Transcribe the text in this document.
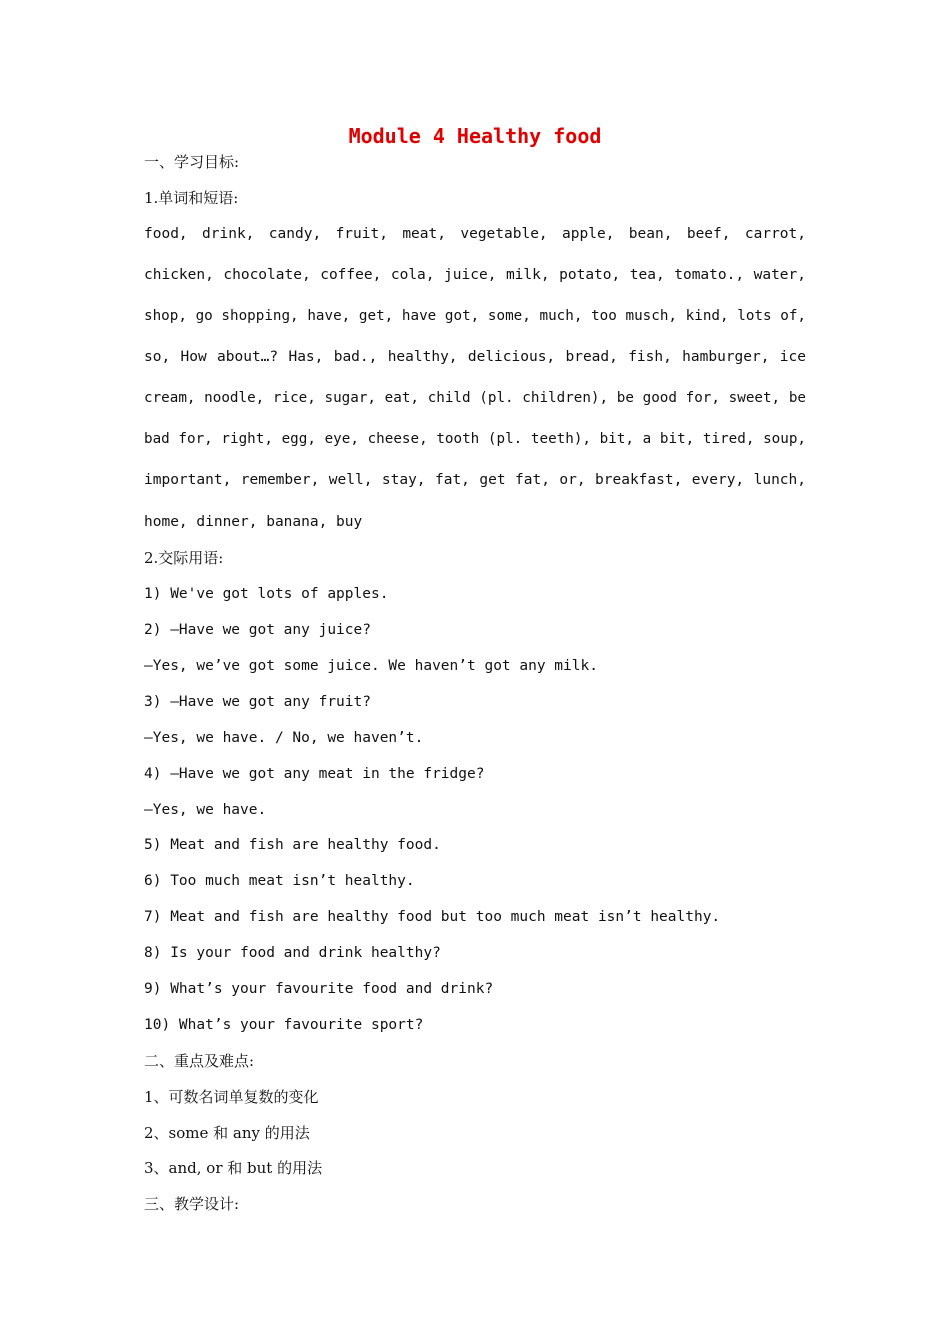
Module 4 Healthy food
一、学习目标:
1.单词和短语:
food, drink, candy, fruit, meat, vegetable, apple, bean, beef, carrot,
chicken, chocolate, coffee, cola, juice, milk, potato, tea, tomato., water,
shop, go shopping, have, get, have got, some, much, too musch, kind, lots of,
so, How about…? Has, bad., healthy, delicious, bread, fish, hamburger, ice
cream, noodle, rice, sugar, eat, child (pl. children), be good for, sweet, be
bad for, right, egg, eye, cheese, tooth (pl. teeth), bit, a bit, tired, soup,
important, remember, well, stay, fat, get fat, or, breakfast, every, lunch,
home, dinner, banana, buy
2.交际用语:
1) We've got lots of apples.
2) —Have we got any juice?
—Yes, we’ve got some juice. We haven’t got any milk.
3) —Have we got any fruit?
—Yes, we have. / No, we haven’t.
4) —Have we got any meat in the fridge?
—Yes, we have.
5) Meat and fish are healthy food.
6) Too much meat isn’t healthy.
7) Meat and fish are healthy food but too much meat isn’t healthy.
8) Is your food and drink healthy?
9) What’s your favourite food and drink?
10) What’s your favourite sport?
二、重点及难点:
1、可数名词单复数的变化
2、some 和 any 的用法
3、and, or 和 but 的用法
三、教学设计:
